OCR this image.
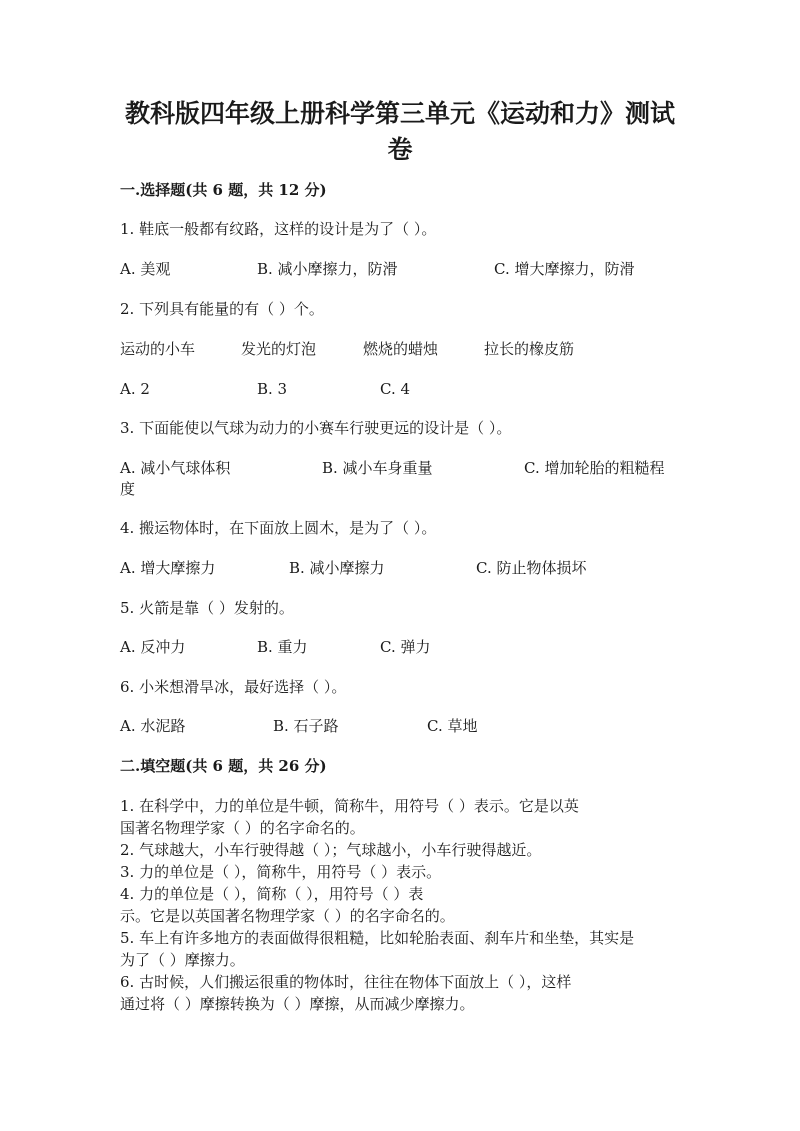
教科版四年级上册科学第三单元《运动和力》测试
卷

一.选择题(共 6 题，共 12 分)

1. 鞋底一般都有纹路，这样的设计是为了（ ）。

A. 美观	B. 减小摩擦力，防滑	C. 增大摩擦力，防滑

2. 下列具有能量的有（ ）个。

运动的小车	发光的灯泡	燃烧的蜡烛	拉长的橡皮筋
A. 2	B. 3	C. 4

3. 下面能使以气球为动力的小赛车行驶更远的设计是（ ）。

A. 减小气球体积	B. 减小车身重量	C. 增加轮胎的粗糙程
度

4. 搬运物体时，在下面放上圆木，是为了（ ）。

A. 增大摩擦力	B. 减小摩擦力	C. 防止物体损坏

5. 火箭是靠（ ）发射的。

A. 反冲力	B. 重力	C. 弹力

6. 小米想滑旱冰，最好选择（ ）。

A. 水泥路	B. 石子路	C. 草地

二.填空题(共 6 题，共 26 分)

1. 在科学中，力的单位是牛顿，简称牛，用符号（ ）表示。它是以英
国著名物理学家（ ）的名字命名的。
2. 气球越大，小车行驶得越（ ）；气球越小，小车行驶得越近。
3. 力的单位是（ ），简称牛，用符号（ ）表示。
4. 力的单位是（ ），简称（ ），用符号（ ）表
示。它是以英国著名物理学家（ ）的名字命名的。
5. 车上有许多地方的表面做得很粗糙，比如轮胎表面、刹车片和坐垫，其实是
为了（ ）摩擦力。
6. 古时候，人们搬运很重的物体时，往往在物体下面放上（ ），这样
通过将（ ）摩擦转换为（ ）摩擦，从而减少摩擦力。
